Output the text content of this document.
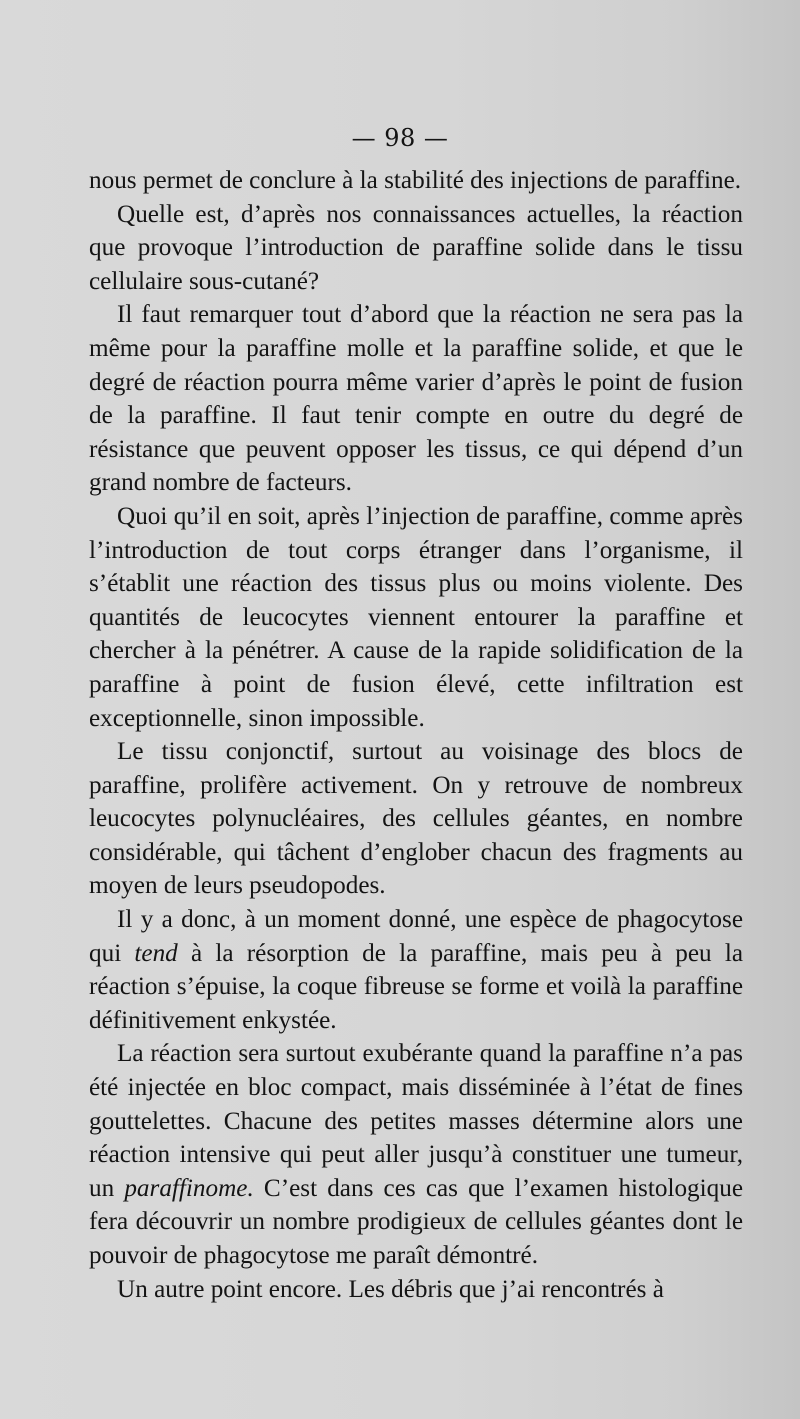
— 98 —

nous permet de conclure à la stabilité des injections de paraffine.

Quelle est, d’après nos connaissances actuelles, la réaction que provoque l’introduction de paraffine solide dans le tissu cellulaire sous-cutané?

Il faut remarquer tout d’abord que la réaction ne sera pas la même pour la paraffine molle et la paraffine solide, et que le degré de réaction pourra même varier d’après le point de fusion de la paraffine. Il faut tenir compte en outre du degré de résistance que peuvent opposer les tissus, ce qui dépend d’un grand nombre de facteurs.

Quoi qu’il en soit, après l’injection de paraffine, comme après l’introduction de tout corps étranger dans l’organisme, il s’établit une réaction des tissus plus ou moins violente. Des quantités de leucocytes viennent entourer la paraffine et chercher à la pénétrer. A cause de la rapide solidification de la paraffine à point de fusion élevé, cette infiltration est exceptionnelle, sinon impossible.

Le tissu conjonctif, surtout au voisinage des blocs de paraffine, prolifère activement. On y retrouve de nombreux leucocytes polynucléaires, des cellules géantes, en nombre considérable, qui tâchent d’englober chacun des fragments au moyen de leurs pseudopodes.

Il y a donc, à un moment donné, une espèce de phagocytose qui tend à la résorption de la paraffine, mais peu à peu la réaction s’épuise, la coque fibreuse se forme et voilà la paraffine définitivement enkystée.

La réaction sera surtout exubérante quand la paraffine n’a pas été injectée en bloc compact, mais disséminée à l’état de fines gouttelettes. Chacune des petites masses détermine alors une réaction intensive qui peut aller jusqu’à constituer une tumeur, un paraffinome. C’est dans ces cas que l’examen histologique fera découvrir un nombre prodigieux de cellules géantes dont le pouvoir de phagocytose me paraît démontré.

Un autre point encore. Les débris que j’ai rencontrés à
